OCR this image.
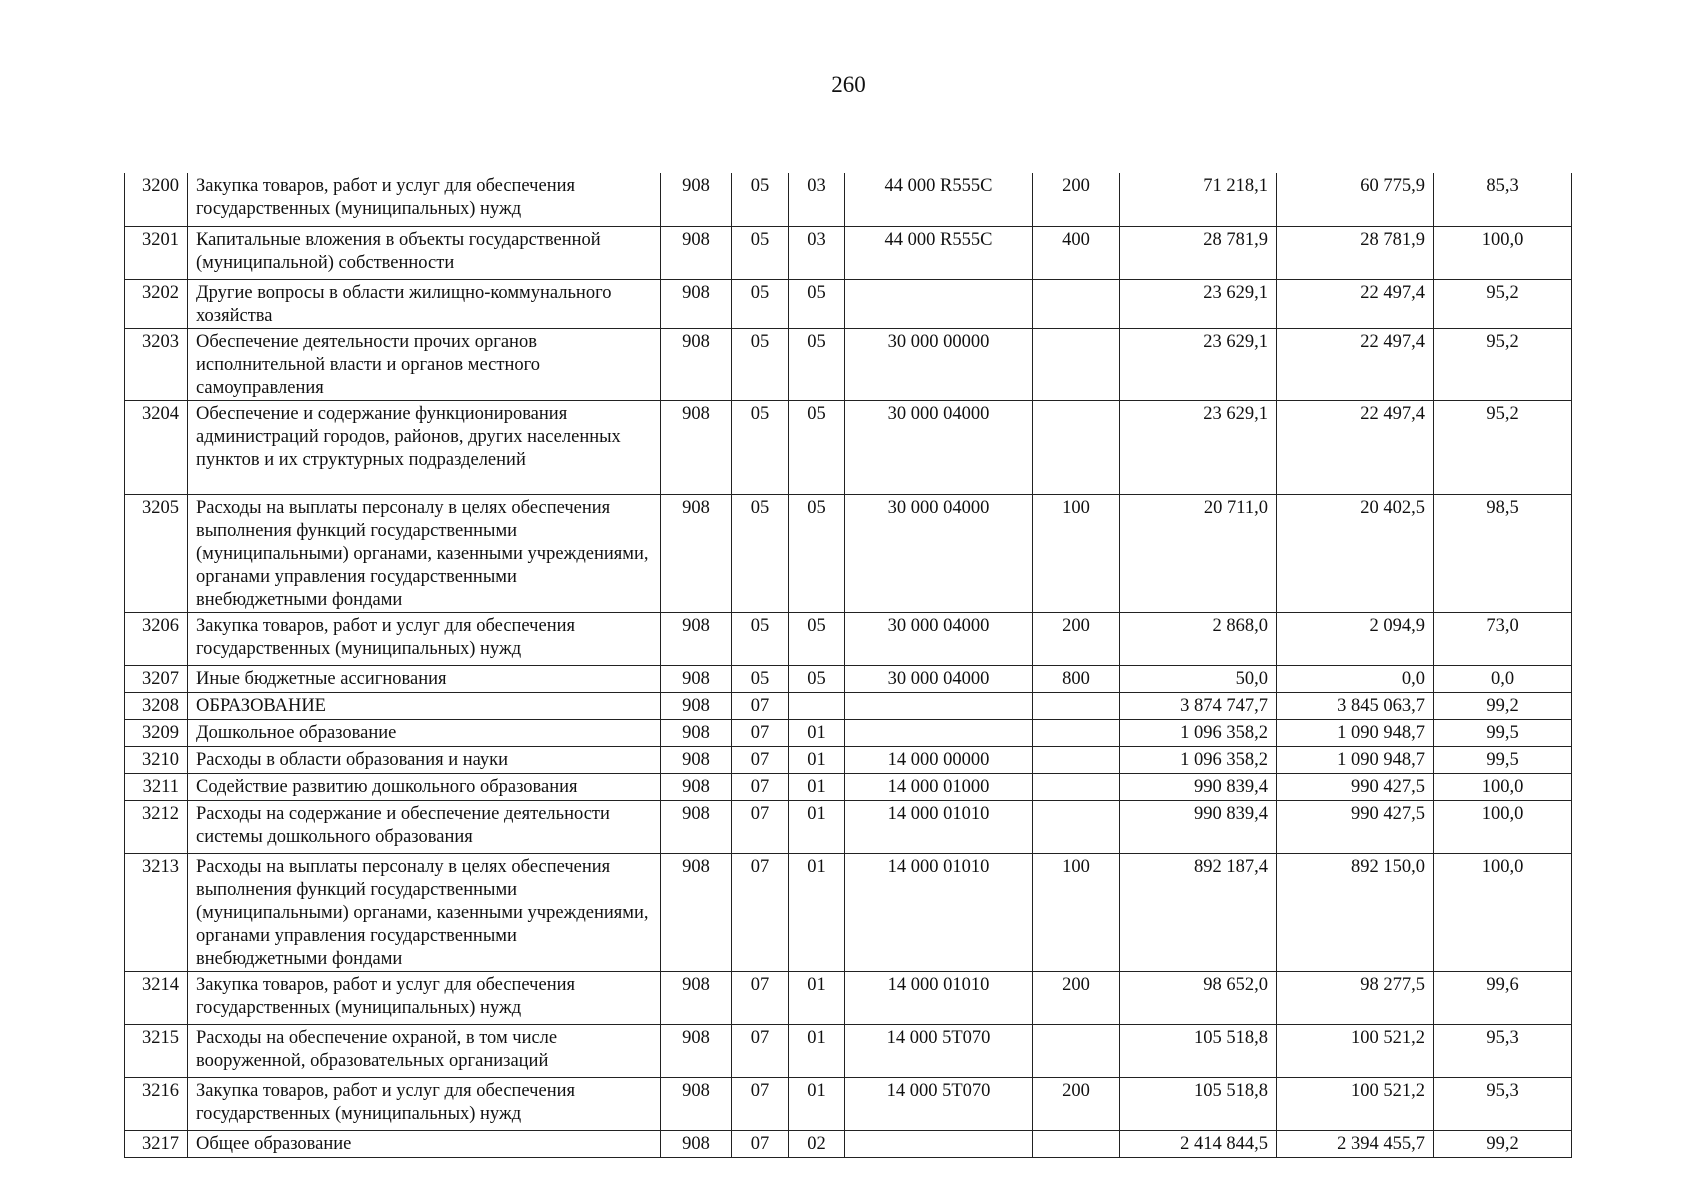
260
3200	Закупка товаров, работ и услуг для обеспечения государственных (муниципальных) нужд	908	05	03	44 000 R555C	200	71 218,1	60 775,9	85,3
3201	Капитальные вложения в объекты государственной (муниципальной) собственности	908	05	03	44 000 R555C	400	28 781,9	28 781,9	100,0
3202	Другие вопросы в области жилищно-коммунального хозяйства	908	05	05			23 629,1	22 497,4	95,2
3203	Обеспечение деятельности прочих органов исполнительной власти и органов местного самоуправления	908	05	05	30 000 00000		23 629,1	22 497,4	95,2
3204	Обеспечение и содержание функционирования администраций городов, районов, других населенных пунктов и их структурных подразделений	908	05	05	30 000 04000		23 629,1	22 497,4	95,2
3205	Расходы на выплаты персоналу в целях обеспечения выполнения функций государственными (муниципальными) органами, казенными учреждениями, органами управления государственными внебюджетными фондами	908	05	05	30 000 04000	100	20 711,0	20 402,5	98,5
3206	Закупка товаров, работ и услуг для обеспечения государственных (муниципальных) нужд	908	05	05	30 000 04000	200	2 868,0	2 094,9	73,0
3207	Иные бюджетные ассигнования	908	05	05	30 000 04000	800	50,0	0,0	0,0
3208	ОБРАЗОВАНИЕ	908	07				3 874 747,7	3 845 063,7	99,2
3209	Дошкольное образование	908	07	01			1 096 358,2	1 090 948,7	99,5
3210	Расходы в области образования и науки	908	07	01	14 000 00000		1 096 358,2	1 090 948,7	99,5
3211	Содействие развитию дошкольного образования	908	07	01	14 000 01000		990 839,4	990 427,5	100,0
3212	Расходы на содержание и обеспечение деятельности системы дошкольного образования	908	07	01	14 000 01010		990 839,4	990 427,5	100,0
3213	Расходы на выплаты персоналу в целях обеспечения выполнения функций государственными (муниципальными) органами, казенными учреждениями, органами управления государственными внебюджетными фондами	908	07	01	14 000 01010	100	892 187,4	892 150,0	100,0
3214	Закупка товаров, работ и услуг для обеспечения государственных (муниципальных) нужд	908	07	01	14 000 01010	200	98 652,0	98 277,5	99,6
3215	Расходы на обеспечение охраной, в том числе вооруженной, образовательных организаций	908	07	01	14 000 5Т070		105 518,8	100 521,2	95,3
3216	Закупка товаров, работ и услуг для обеспечения государственных (муниципальных) нужд	908	07	01	14 000 5Т070	200	105 518,8	100 521,2	95,3
3217	Общее образование	908	07	02			2 414 844,5	2 394 455,7	99,2
